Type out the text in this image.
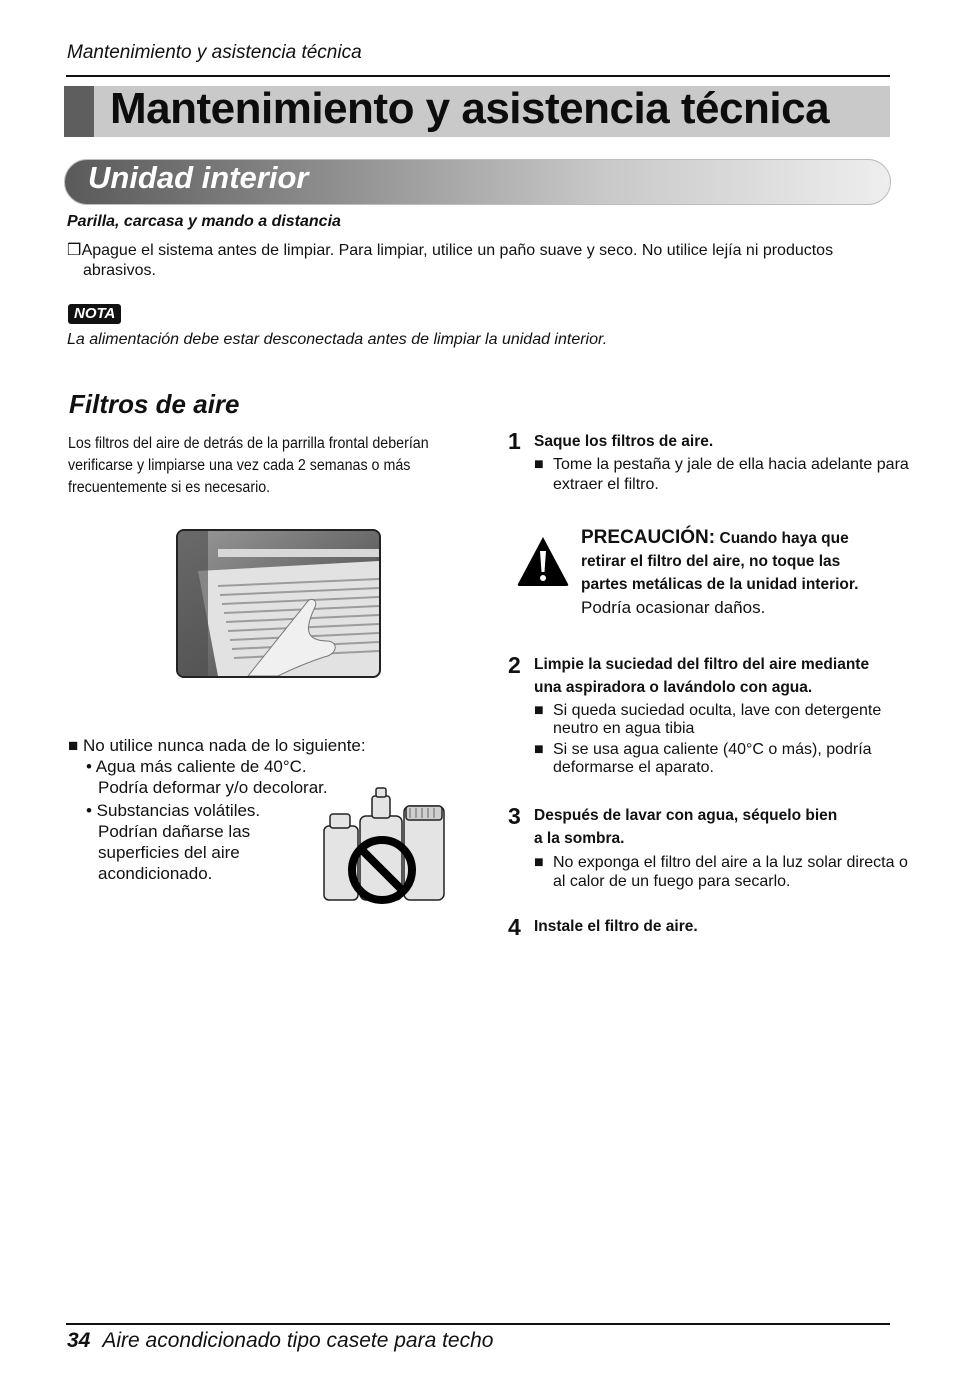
Mantenimiento y asistencia técnica
Mantenimiento y asistencia técnica
Unidad interior
Parilla, carcasa y mando a distancia
❒ Apague el sistema antes de limpiar. Para limpiar, utilice un paño suave y seco. No utilice lejía ni productos
abrasivos.
NOTA
La alimentación debe estar desconectada antes de limpiar la unidad interior.
Filtros de aire
Los filtros del aire de detrás de la parrilla frontal deberían verificarse y limpiarse una vez cada 2 semanas o más frecuentemente si es necesario.
■ No utilice nunca nada de lo siguiente:
• Agua más caliente de 40°C.
Podría deformar y/o decolorar.
• Substancias volátiles.
Podrían dañarse las
superficies del aire
acondicionado.
1 Saque los filtros de aire.
■ Tome la pestaña y jale de ella hacia adelante para extraer el filtro.
PRECAUCIÓN: Cuando haya que
retirar el filtro del aire, no toque las
partes metálicas de la unidad interior.
Podría ocasionar daños.
2 Limpie la suciedad del filtro del aire mediante
una aspiradora o lavándolo con agua.
■ Si queda suciedad oculta, lave con detergente neutro en agua tibia
■ Si se usa agua caliente (40°C o más), podría deformarse el aparato.
3 Después de lavar con agua, séquelo bien
a la sombra.
■ No exponga el filtro del aire a la luz solar directa o al calor de un fuego para secarlo.
4 Instale el filtro de aire.
34 Aire acondicionado tipo casete para techo
